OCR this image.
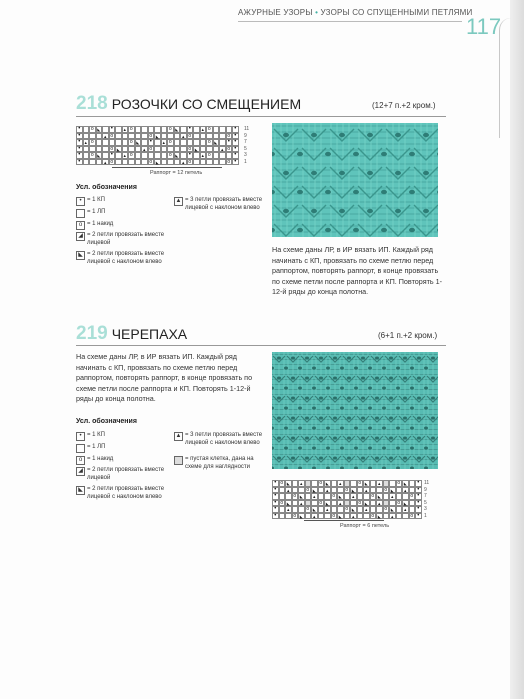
АЖУРНЫЕ УЗОРЫ • УЗОРЫ СО СПУЩЕННЫМИ ПЕТЛЯМИ
117
218 РОЗОЧКИ СО СМЕЩЕНИЕМ	(12+7 п.+2 кром.)
•
o
◣
•
▲
o
o
◣
•
▲
o
•
•
▲
o
o
◣
▲
o
o
•
•
▲
o
o
◣
•
▲
o
o
◣
•
•
•
o
◣
▲
o
o
◣
▲
o
•
•
o
◣
•
▲
o
o
◣
•
▲
o
•
•
▲
o
o
◣
▲
o
o
•
11
9
7
5
3
1
Раппорт = 12 петель
Усл. обозначения
• = 1 КП
= 1 ЛП
o = 1 накид
◢ = 2 петли провязать вместе лицевой
◣ = 2 петли провязать вместе лицевой с наклоном влево
▲ = 3 петли провязать вместе лицевой с наклоном влево
На схеме даны ЛР, в ИР вязать ИП. Каждый ряд начинать с КП, провязать по схеме петлю перед раппортом, повторять раппорт, в конце провязать по схеме петли после раппорта и КП. Повторять 1-12-й ряды до конца полотна.
219 ЧЕРЕПАХА	(6+1 п.+2 кром.)
На схеме даны ЛР, в ИР вязать ИП. Каждый ряд начинать с КП, провязать по схеме петлю перед раппортом, повторять раппорт, в конце провязать по схеме петли после раппорта и КП. Повторять 1-12-й ряды до конца полотна.
Усл. обозначения
• = 1 КП
= 1 ЛП
o = 1 накид
◢ = 2 петли провязать вместе лицевой
◣ = 2 петли провязать вместе лицевой с наклоном влево
▲ = 3 петли провязать вместе лицевой с наклоном влево
= пустая клетка, дана на схеме для наглядности
•
o
◣
▲
o
◣
▲
o
◣
▲
o
◣
•
•
▲
o
◣
▲
o
◣
▲
o
◣
▲
•
•
o
◣
▲
o
◣
▲
o
◣
▲
o
•
•
o
◣
▲
o
◣
▲
o
◣
▲
o
◣
•
•
▲
o
◣
▲
o
◣
▲
o
◣
▲
•
•
o
◣
▲
o
◣
▲
o
◣
▲
o
•
11
9
7
5
3
1
Раппорт = 6 петель
